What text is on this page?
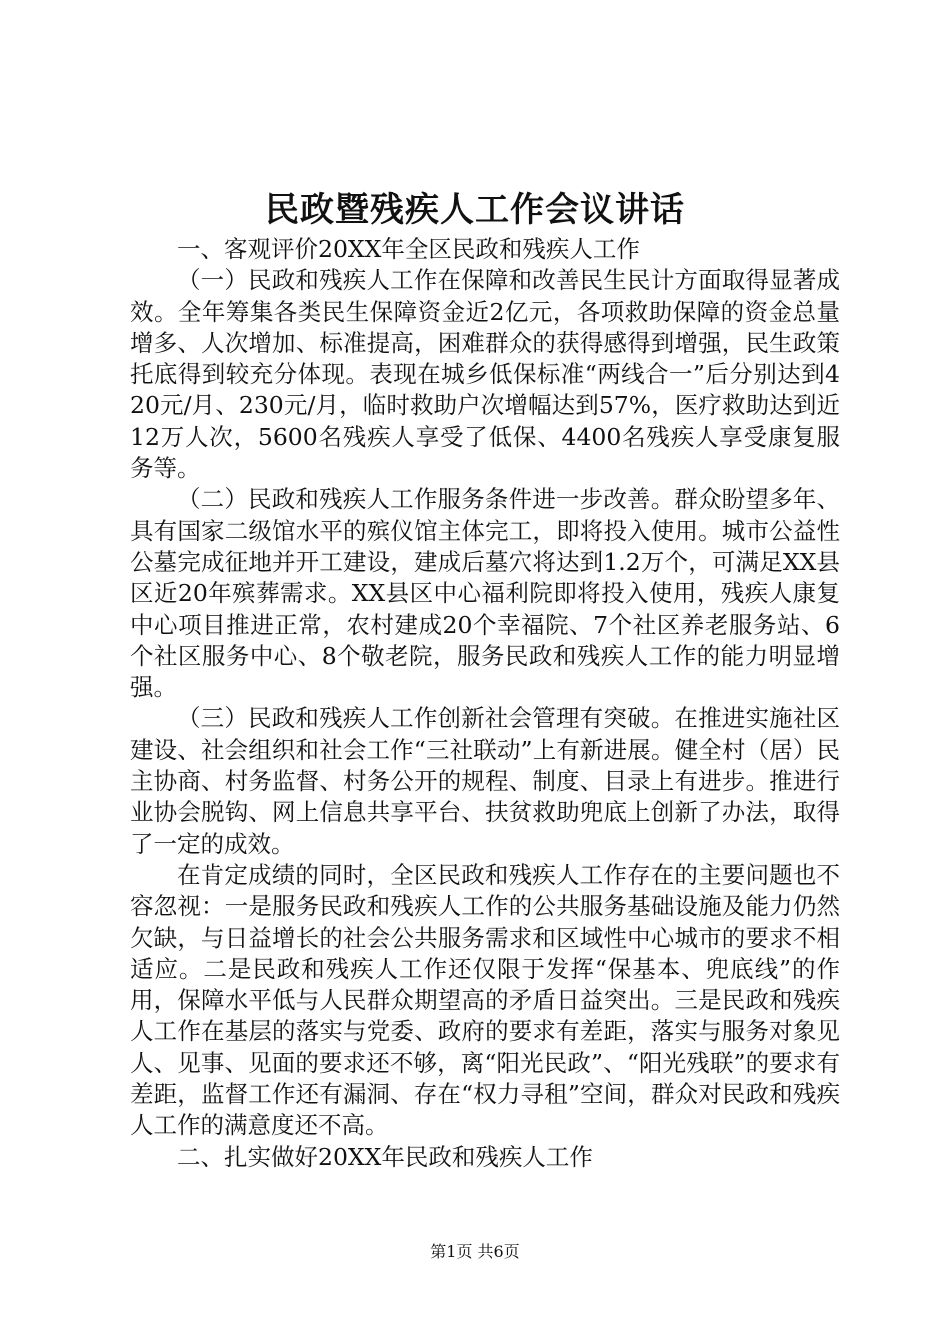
民政暨残疾人工作会议讲话

一、客观评价20XX年全区民政和残疾人工作

（一）民政和残疾人工作在保障和改善民生民计方面取得显著成效。全年筹集各类民生保障资金近2亿元，各项救助保障的资金总量增多、人次增加、标准提高，困难群众的获得感得到增强，民生政策托底得到较充分体现。表现在城乡低保标准“两线合一”后分别达到420元/月、230元/月，临时救助户次增幅达到57%，医疗救助达到近12万人次，5600名残疾人享受了低保、4400名残疾人享受康复服务等。

（二）民政和残疾人工作服务条件进一步改善。群众盼望多年、具有国家二级馆水平的殡仪馆主体完工，即将投入使用。城市公益性公墓完成征地并开工建设，建成后墓穴将达到1.2万个，可满足XX县区近20年殡葬需求。XX县区中心福利院即将投入使用，残疾人康复中心项目推进正常，农村建成20个幸福院、7个社区养老服务站、6个社区服务中心、8个敬老院，服务民政和残疾人工作的能力明显增强。

（三）民政和残疾人工作创新社会管理有突破。在推进实施社区建设、社会组织和社会工作“三社联动”上有新进展。健全村（居）民主协商、村务监督、村务公开的规程、制度、目录上有进步。推进行业协会脱钩、网上信息共享平台、扶贫救助兜底上创新了办法，取得了一定的成效。

在肯定成绩的同时，全区民政和残疾人工作存在的主要问题也不容忽视：一是服务民政和残疾人工作的公共服务基础设施及能力仍然欠缺，与日益增长的社会公共服务需求和区域性中心城市的要求不相适应。二是民政和残疾人工作还仅限于发挥“保基本、兜底线”的作用，保障水平低与人民群众期望高的矛盾日益突出。三是民政和残疾人工作在基层的落实与党委、政府的要求有差距，落实与服务对象见人、见事、见面的要求还不够，离“阳光民政”、“阳光残联”的要求有差距，监督工作还有漏洞、存在“权力寻租”空间，群众对民政和残疾人工作的满意度还不高。

二、扎实做好20XX年民政和残疾人工作

第1页 共6页
